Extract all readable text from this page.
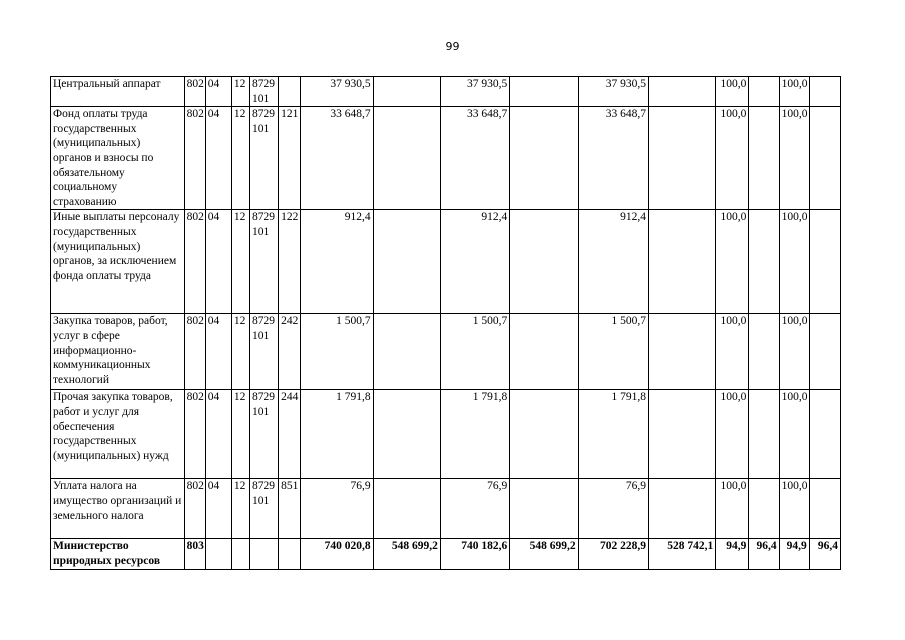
99
Центральный аппарат	802	04	12	8729 101		37 930,5		37 930,5		37 930,5		100,0		100,0	
Фонд оплаты труда государственных (муниципальных) органов и взносы по обязательному социальному страхованию	802	04	12	8729 101	121	33 648,7		33 648,7		33 648,7		100,0		100,0	
Иные выплаты персоналу государственных (муниципальных) органов, за исключением фонда оплаты труда	802	04	12	8729 101	122	912,4		912,4		912,4		100,0		100,0	
Закупка товаров, работ, услуг в сфере информационно-коммуникационных технологий	802	04	12	8729 101	242	1 500,7		1 500,7		1 500,7		100,0		100,0	
Прочая закупка товаров, работ и услуг для обеспечения государственных (муниципальных) нужд	802	04	12	8729 101	244	1 791,8		1 791,8		1 791,8		100,0		100,0	
Уплата налога на имущество организаций и земельного налога	802	04	12	8729 101	851	76,9		76,9		76,9		100,0		100,0	
Министерство природных ресурсов	803					740 020,8	548 699,2	740 182,6	548 699,2	702 228,9	528 742,1	94,9	96,4	94,9	96,4
